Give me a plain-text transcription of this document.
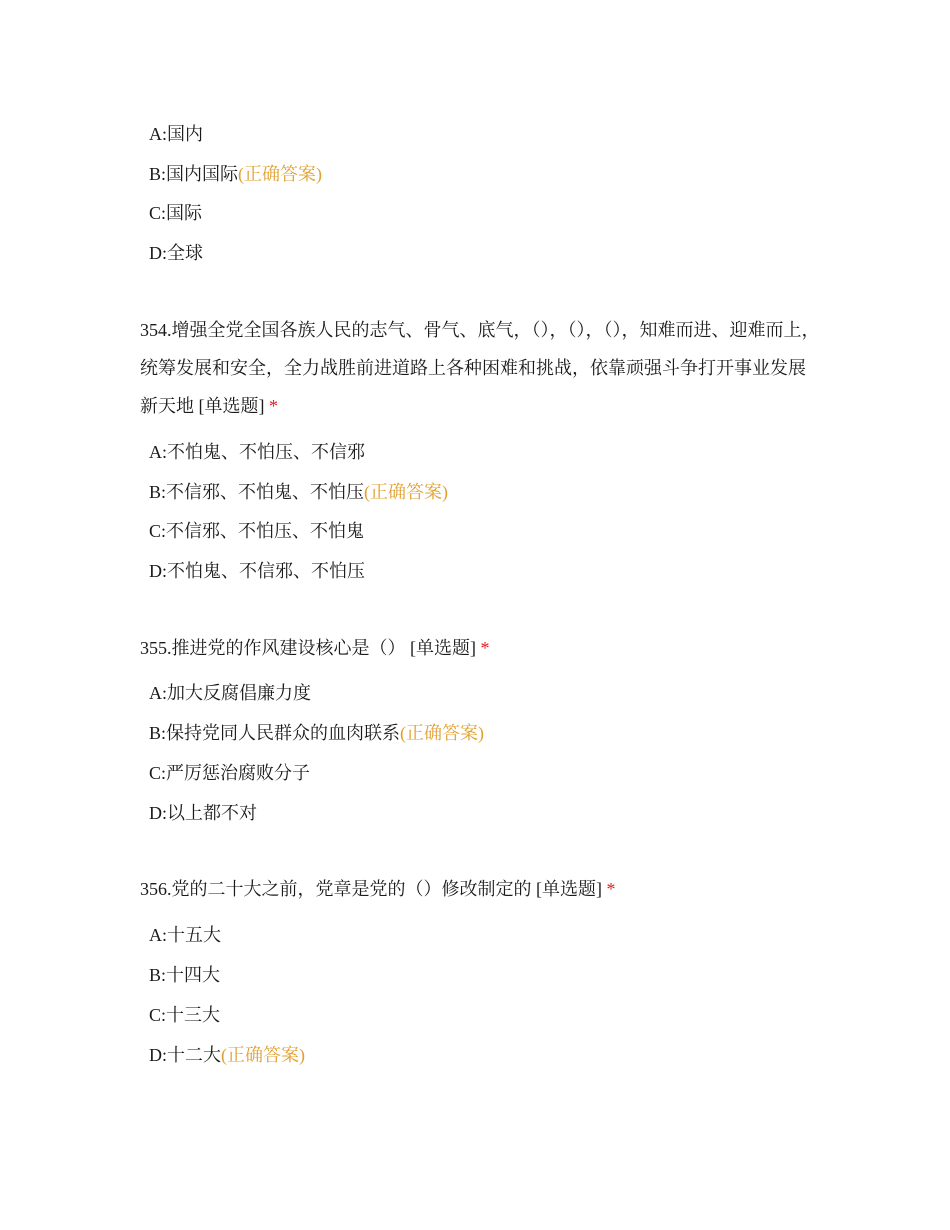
A:国内
B:国内国际(正确答案)
C:国际
D:全球

354.增强全党全国各族人民的志气、骨气、底气，（），（），（），知难而进、迎难而上，统筹发展和安全，全力战胜前进道路上各种困难和挑战，依靠顽强斗争打开事业发展新天地 [单选题] *

A:不怕鬼、不怕压、不信邪
B:不信邪、不怕鬼、不怕压(正确答案)
C:不信邪、不怕压、不怕鬼
D:不怕鬼、不信邪、不怕压

355.推进党的作风建设核心是（） [单选题] *

A:加大反腐倡廉力度
B:保持党同人民群众的血肉联系(正确答案)
C:严厉惩治腐败分子
D:以上都不对

356.党的二十大之前，党章是党的（）修改制定的 [单选题] *

A:十五大
B:十四大
C:十三大
D:十二大(正确答案)
